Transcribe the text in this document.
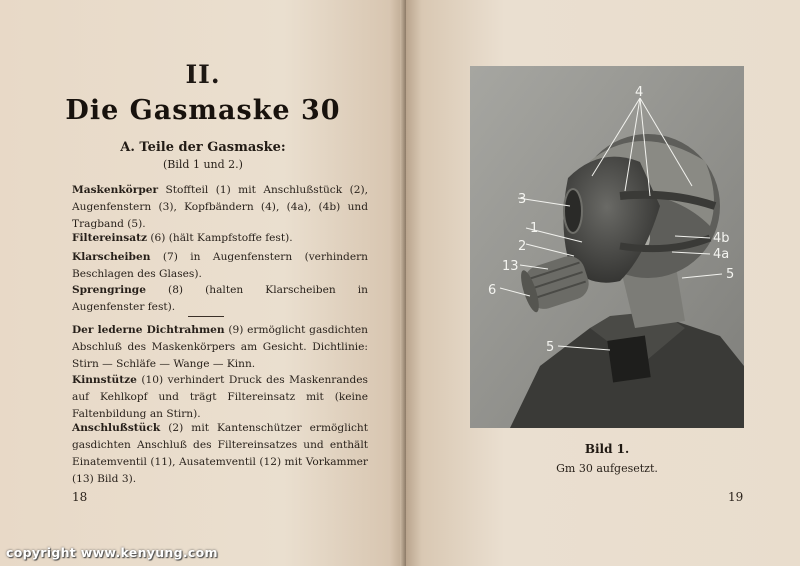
II.
Die Gasmaske 30
A. Teile der Gasmaske:
(Bild 1 und 2.)
Maskenkörper Stoffteil (1) mit Anschlußstück (2), Augenfenstern (3), Kopfbändern (4), (4a), (4b) und Tragband (5).
Filtereinsatz (6) (hält Kampfstoffe fest).
Klarscheiben (7) in Augenfenstern (verhindern Beschlagen des Glases).
Sprengringe (8) (halten Klarscheiben in Augenfenster fest).
Der lederne Dichtrahmen (9) ermöglicht gasdichten Abschluß des Maskenkörpers am Gesicht. Dichtlinie: Stirn — Schläfe — Wange — Kinn.
Kinnstütze (10) verhindert Druck des Maskenrandes auf Kehlkopf und trägt Filtereinsatz mit (keine Faltenbildung an Stirn).
Anschlußstück (2) mit Kantenschützer ermöglicht gasdichten Anschluß des Filtereinsatzes und enthält Einatemventil (11), Ausatemventil (12) mit Vorkammer (13) Bild 3).
18
4
3
1
2
13
6
4b
4a
5
5
Bild 1.
Gm 30 aufgesetzt.
19
copyright www.kenyung.com
